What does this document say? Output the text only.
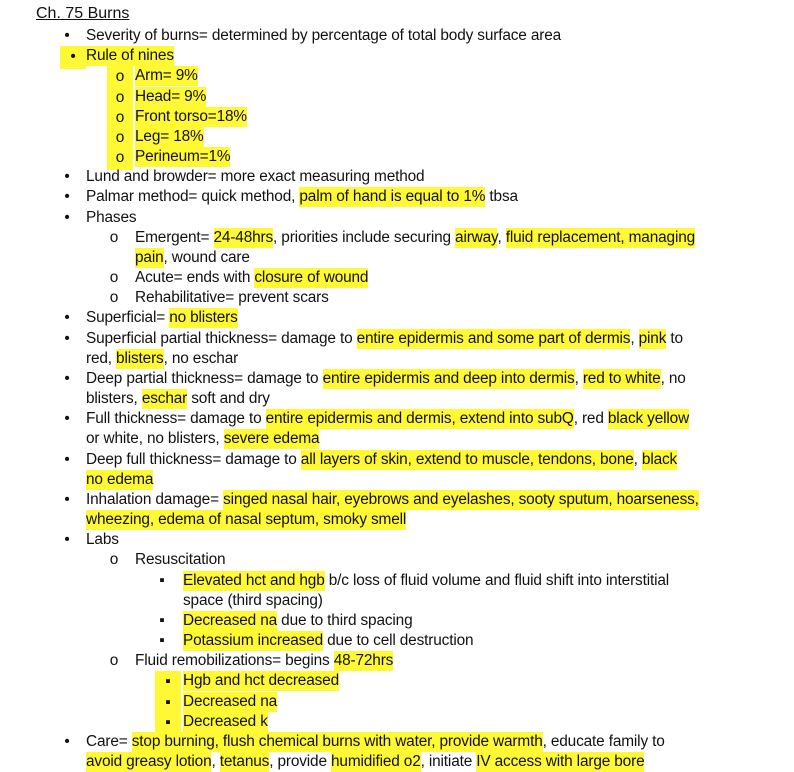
Ch. 75 Burns
• Severity of burns= determined by percentage of total body surface area
• Rule of nines
o Arm= 9%
o Head= 9%
o Front torso=18%
o Leg= 18%
o Perineum=1%
• Lund and browder= more exact measuring method
• Palmar method= quick method, palm of hand is equal to 1% tbsa
• Phases
o Emergent= 24-48hrs, priorities include securing airway, fluid replacement, managing
pain, wound care
o Acute= ends with closure of wound
o Rehabilitative= prevent scars
• Superficial= no blisters
• Superficial partial thickness= damage to entire epidermis and some part of dermis, pink to
red, blisters, no eschar
• Deep partial thickness= damage to entire epidermis and deep into dermis, red to white, no
blisters, eschar soft and dry
• Full thickness= damage to entire epidermis and dermis, extend into subQ, red black yellow
or white, no blisters, severe edema
• Deep full thickness= damage to all layers of skin, extend to muscle, tendons, bone, black
no edema
• Inhalation damage= singed nasal hair, eyebrows and eyelashes, sooty sputum, hoarseness,
wheezing, edema of nasal septum, smoky smell
• Labs
o Resuscitation
▪ Elevated hct and hgb b/c loss of fluid volume and fluid shift into interstitial
space (third spacing)
▪ Decreased na due to third spacing
▪ Potassium increased due to cell destruction
o Fluid remobilizations= begins 48-72hrs
▪ Hgb and hct decreased
▪ Decreased na
▪ Decreased k
• Care= stop burning, flush chemical burns with water, provide warmth, educate family to
avoid greasy lotion, tetanus, provide humidified o2, initiate IV access with large bore
